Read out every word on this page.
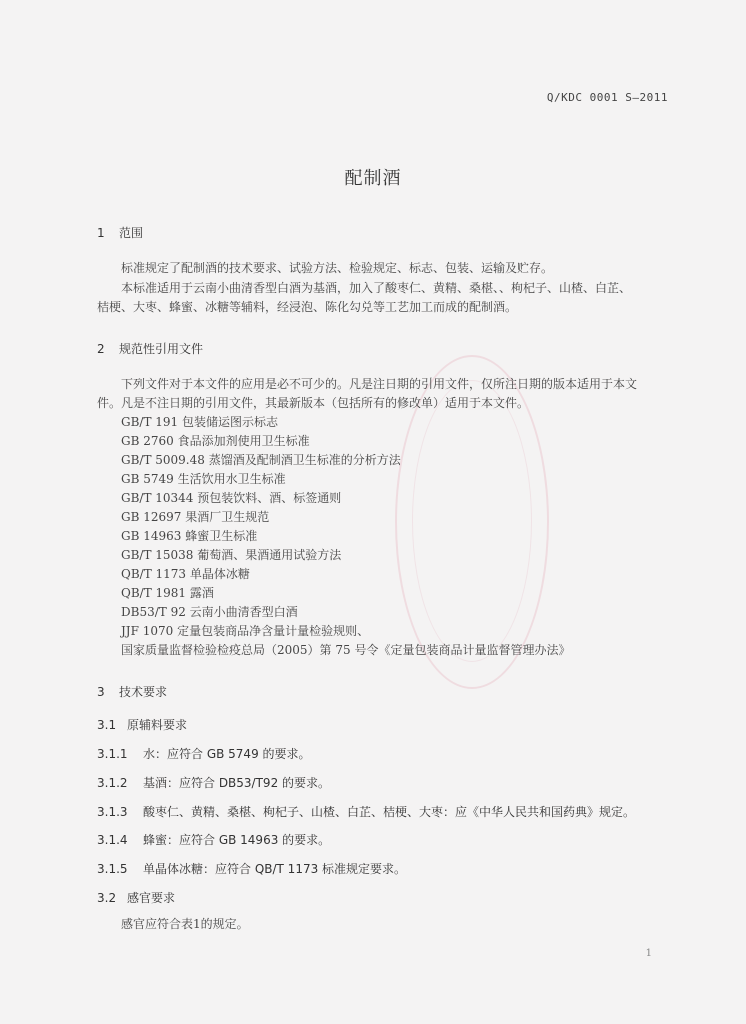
Q/KDC 0001 S—2011
配制酒
1 范围
标准规定了配制酒的技术要求、试验方法、检验规定、标志、包装、运输及贮存。
本标准适用于云南小曲清香型白酒为基酒，加入了酸枣仁、黄精、桑椹、、枸杞子、山楂、白芷、
桔梗、大枣、蜂蜜、冰糖等辅料，经浸泡、陈化勾兑等工艺加工而成的配制酒。
2 规范性引用文件
下列文件对于本文件的应用是必不可少的。凡是注日期的引用文件，仅所注日期的版本适用于本文
件。凡是不注日期的引用文件，其最新版本（包括所有的修改单）适用于本文件。
GB/T 191 包装储运图示标志
GB 2760 食品添加剂使用卫生标准
GB/T 5009.48 蒸馏酒及配制酒卫生标准的分析方法
GB 5749 生活饮用水卫生标准
GB/T 10344 预包装饮料、酒、标签通则
GB 12697 果酒厂卫生规范
GB 14963 蜂蜜卫生标准
GB/T 15038 葡萄酒、果酒通用试验方法
QB/T 1173 单晶体冰糖
QB/T 1981 露酒
DB53/T 92 云南小曲清香型白酒
JJF 1070 定量包装商品净含量计量检验规则、
国家质量监督检验检疫总局（2005）第 75 号令《定量包装商品计量监督管理办法》
3 技术要求
3.1 原辅料要求
3.1.1 水：应符合 GB 5749 的要求。
3.1.2 基酒：应符合 DB53/T92 的要求。
3.1.3 酸枣仁、黄精、桑椹、枸杞子、山楂、白芷、桔梗、大枣：应《中华人民共和国药典》规定。
3.1.4 蜂蜜：应符合 GB 14963 的要求。
3.1.5 单晶体冰糖：应符合 QB/T 1173 标准规定要求。
3.2 感官要求
感官应符合表1的规定。
1
